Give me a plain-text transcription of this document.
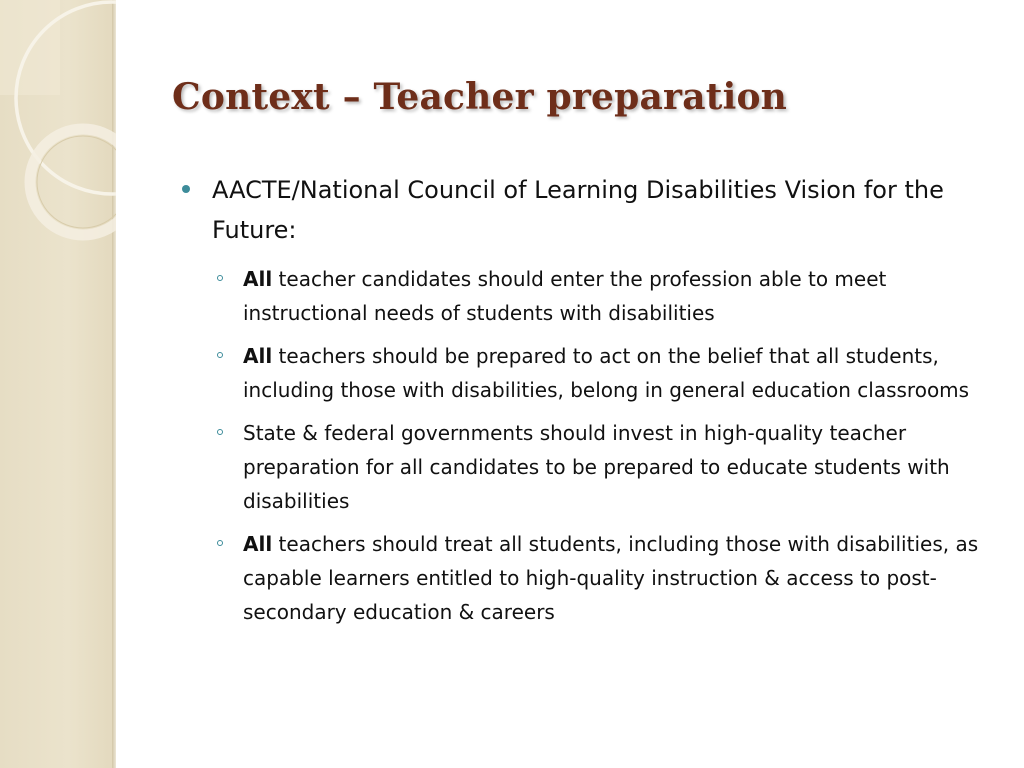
Context – Teacher preparation
AACTE/National Council of Learning Disabilities Vision for the Future:
All teacher candidates should enter the profession able to meet instructional needs of students with disabilities
All teachers should be prepared to act on the belief that all students, including those with disabilities, belong in general education classrooms
State & federal governments should invest in high-quality teacher preparation for all candidates to be prepared to educate students with disabilities
All teachers should treat all students, including those with disabilities, as capable learners entitled to high-quality instruction & access to post-secondary education & careers
